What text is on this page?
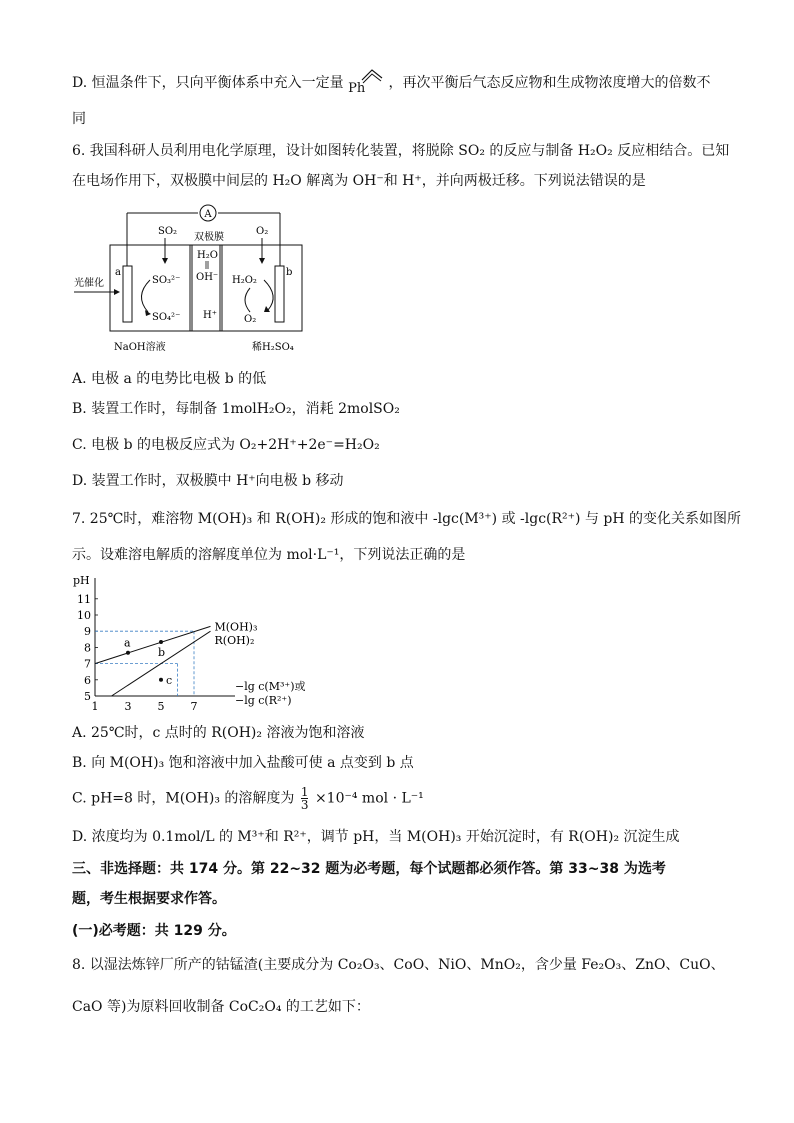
D. 恒温条件下，只向平衡体系中充入一定量 Ph ，再次平衡后气态反应物和生成物浓度增大的倍数不
同
6. 我国科研人员利用电化学原理，设计如图转化装置，将脱除 SO₂ 的反应与制备 H₂O₂ 反应相结合。已知
在电场作用下，双极膜中间层的 H₂O 解离为 OH⁻和 H⁺，并向两极迁移。下列说法错误的是
A
a	b
SO₂
双极膜
O₂
光催化	SO₃²⁻
SO₄²⁻
H₂O
OH⁻
H⁺
H₂O₂
O₂
NaOH溶液	稀H₂SO₄
A. 电极 a 的电势比电极 b 的低
B. 装置工作时，每制备 1molH₂O₂，消耗 2molSO₂
C. 电极 b 的电极反应式为 O₂+2H⁺+2e⁻=H₂O₂
D. 装置工作时，双极膜中 H⁺向电极 b 移动
7. 25℃时，难溶物 M(OH)₃ 和 R(OH)₂ 形成的饱和液中 -lgc(M³⁺) 或 -lgc(R²⁺) 与 pH 的变化关系如图所
示。设难溶电解质的溶解度单位为 mol·L⁻¹，下列说法正确的是
pH
5
6
7
8
9
10
11
1 3 5 7
M(OH)₃
R(OH)₂
a
b
c	−lg c(M³⁺)或
−lg c(R²⁺)
A. 25℃时，c 点时的 R(OH)₂ 溶液为饱和溶液
B. 向 M(OH)₃ 饱和溶液中加入盐酸可使 a 点变到 b 点
C. pH=8 时，M(OH)₃ 的溶解度为 $\frac{1}{3} \times 10^{-4}$ mol · L⁻¹
D. 浓度均为 0.1mol/L 的 M³⁺和 R²⁺，调节 pH，当 M(OH)₃ 开始沉淀时，有 R(OH)₂ 沉淀生成
三、非选择题：共 174 分。第 22~32 题为必考题，每个试题都必须作答。第 33~38 为选考
题，考生根据要求作答。
(一)必考题：共 129 分。
8. 以湿法炼锌厂所产的钴锰渣(主要成分为 Co₂O₃、CoO、NiO、MnO₂，含少量 Fe₂O₃、ZnO、CuO、
CaO 等)为原料回收制备 CoC₂O₄ 的工艺如下：
